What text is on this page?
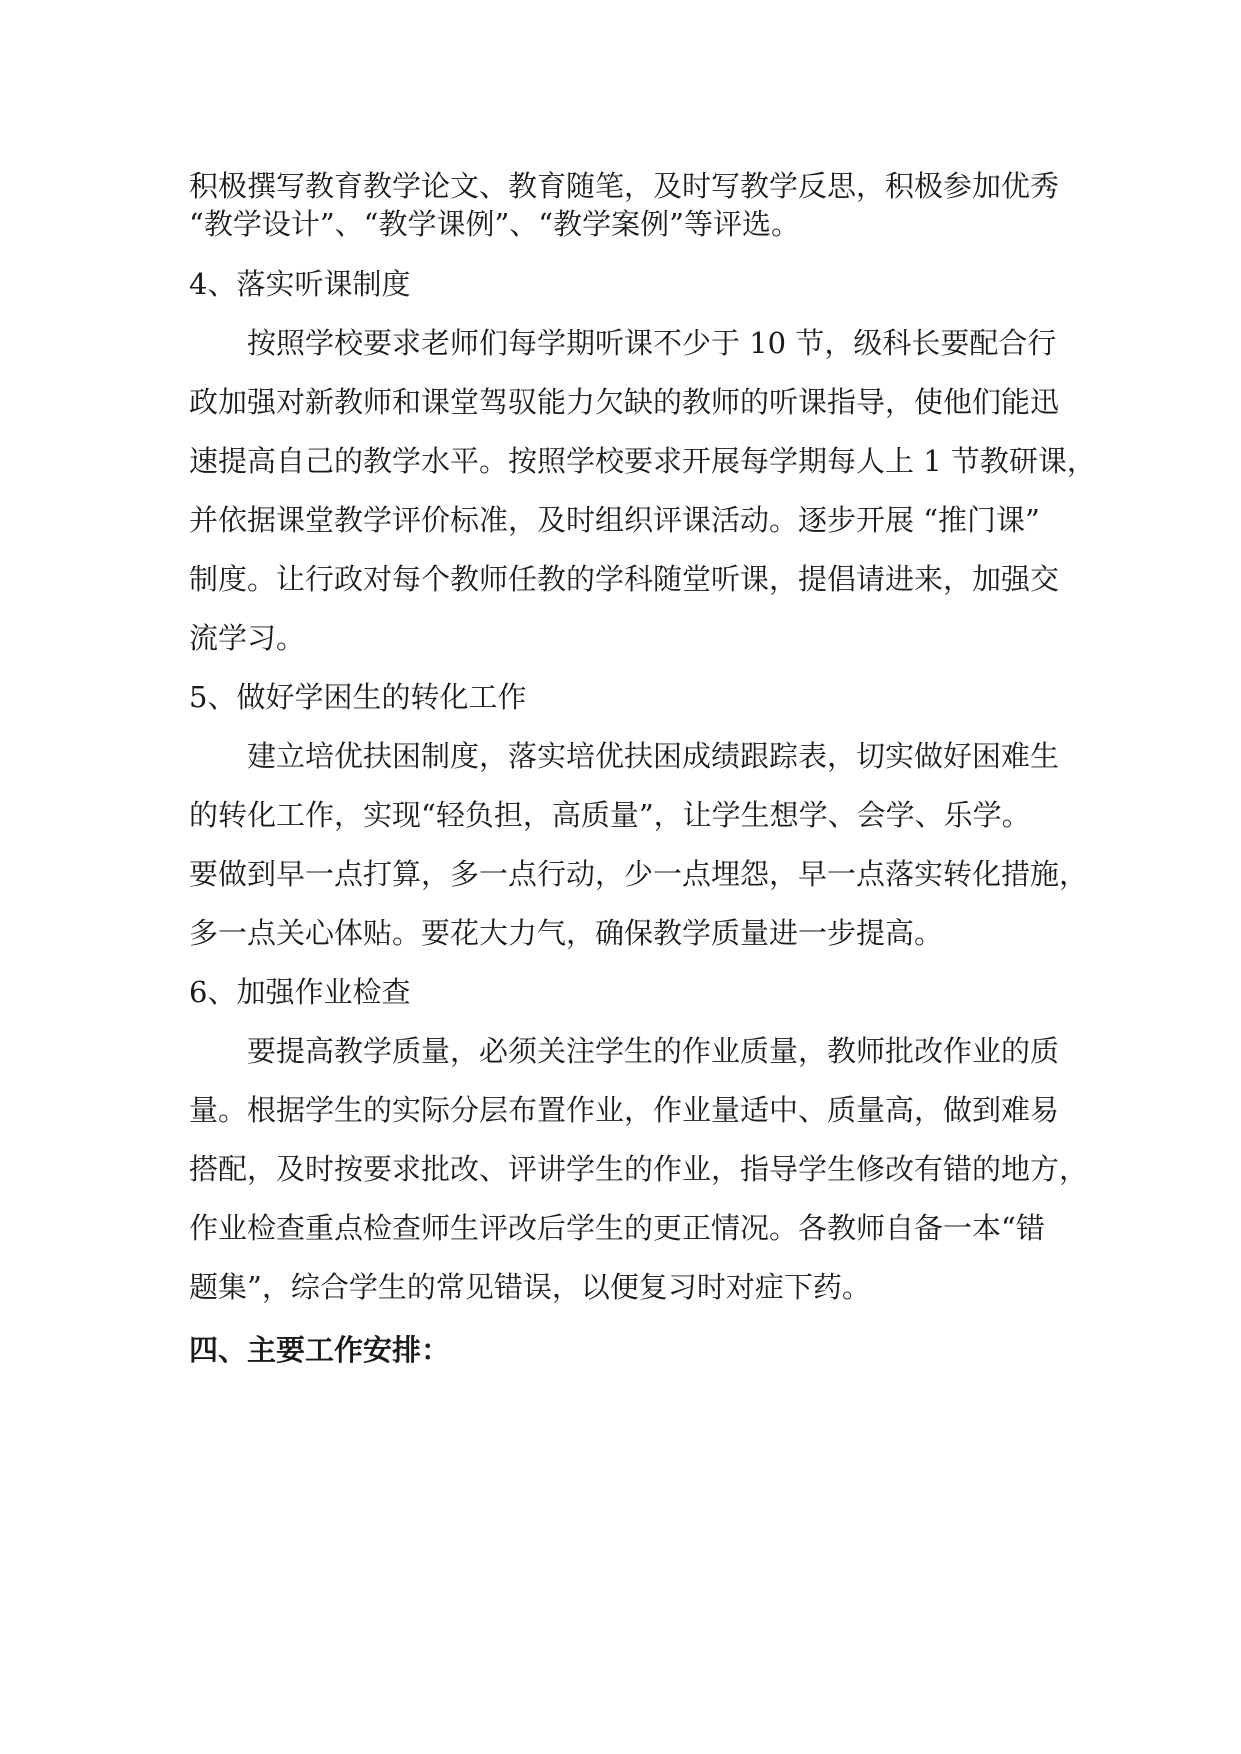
积极撰写教育教学论文、教育随笔，及时写教学反思，积极参加优秀
“教学设计”、“教学课例”、“教学案例”等评选。
4、落实听课制度
按照学校要求老师们每学期听课不少于 10 节，级科长要配合行
政加强对新教师和课堂驾驭能力欠缺的教师的听课指导，使他们能迅
速提高自己的教学水平。按照学校要求开展每学期每人上 1 节教研课，
并依据课堂教学评价标准，及时组织评课活动。逐步开展 “推门课”
制度。让行政对每个教师任教的学科随堂听课，提倡请进来，加强交
流学习。
5、做好学困生的转化工作
建立培优扶困制度，落实培优扶困成绩跟踪表，切实做好困难生
的转化工作，实现“轻负担，高质量”，让学生想学、会学、乐学。
要做到早一点打算，多一点行动，少一点埋怨，早一点落实转化措施，
多一点关心体贴。要花大力气，确保教学质量进一步提高。
6、加强作业检查
要提高教学质量，必须关注学生的作业质量，教师批改作业的质
量。根据学生的实际分层布置作业，作业量适中、质量高，做到难易
搭配，及时按要求批改、评讲学生的作业，指导学生修改有错的地方，
作业检查重点检查师生评改后学生的更正情况。各教师自备一本“错
题集”，综合学生的常见错误，以便复习时对症下药。
四、主要工作安排：
